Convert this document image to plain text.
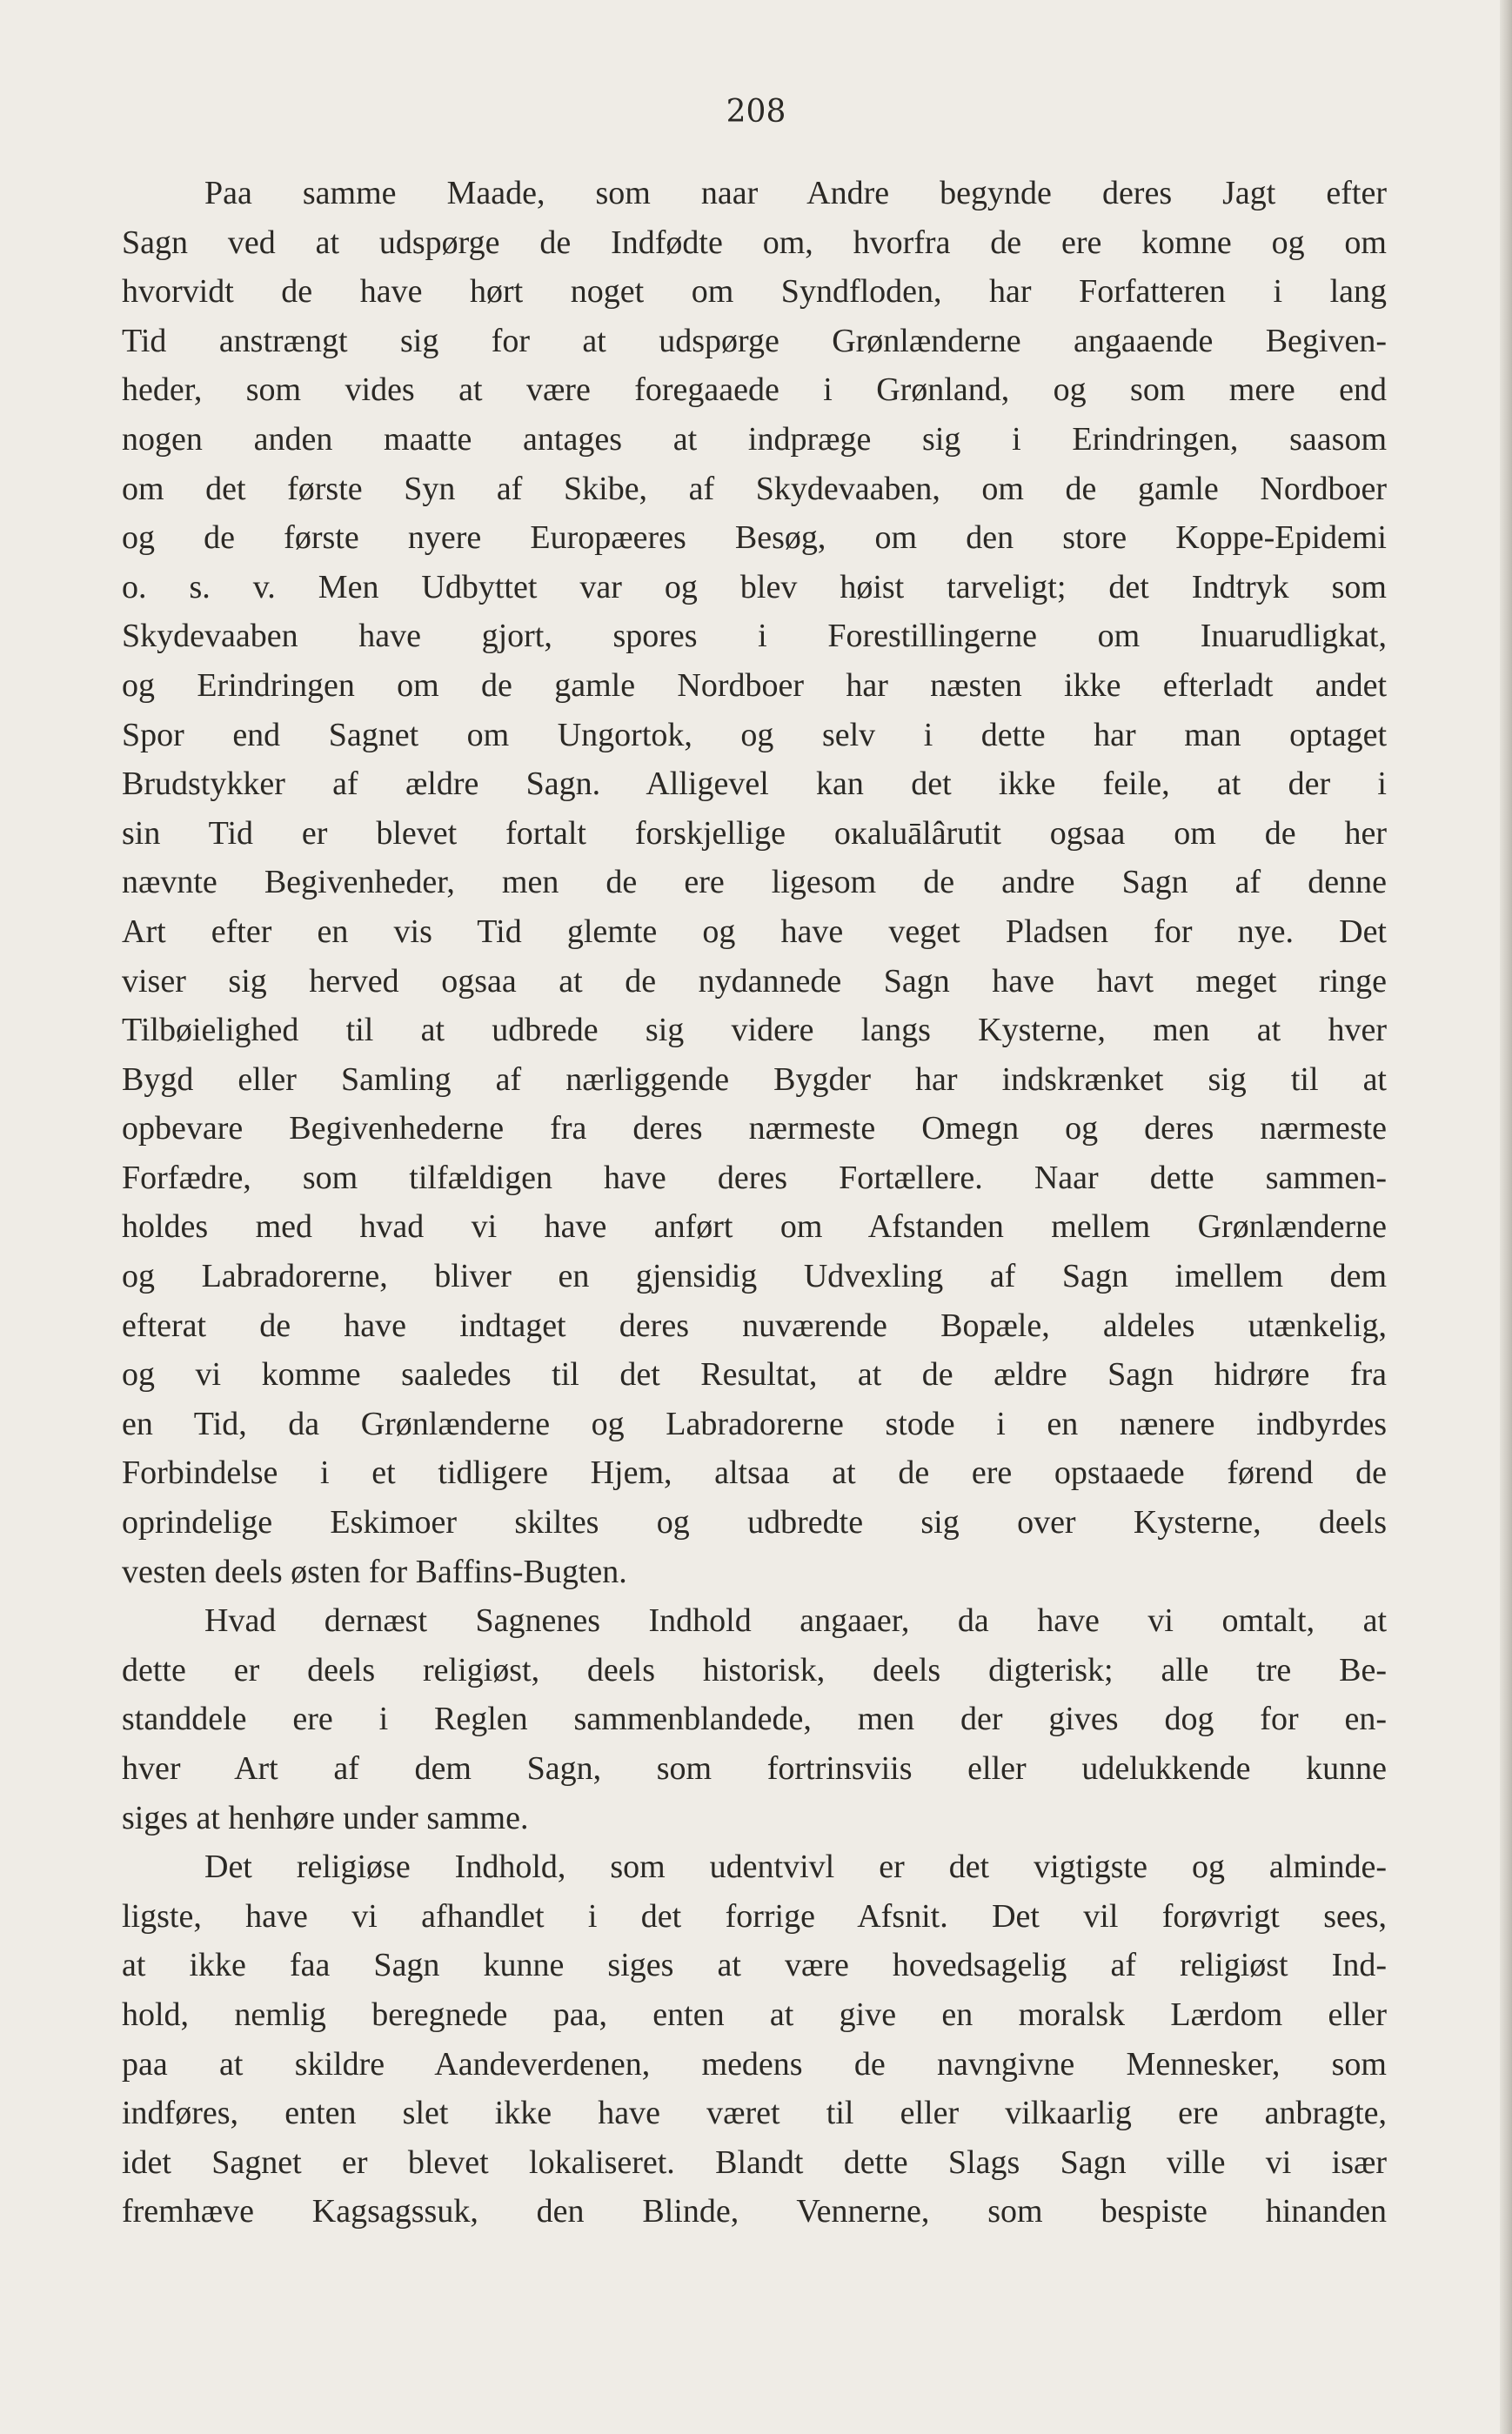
208
Paa samme Maade, som naar Andre begynde deres Jagt efter
Sagn ved at udspørge de Indfødte om, hvorfra de ere komne og om
hvorvidt de have hørt noget om Syndfloden, har Forfatteren i lang
Tid anstrængt sig for at udspørge Grønlænderne angaaende Begiven-
heder, som vides at være foregaaede i Grønland, og som mere end
nogen anden maatte antages at indpræge sig i Erindringen, saasom
om det første Syn af Skibe, af Skydevaaben, om de gamle Nordboer
og de første nyere Europæeres Besøg, om den store Koppe-Epidemi
o. s. v. Men Udbyttet var og blev høist tarveligt; det Indtryk som
Skydevaaben have gjort, spores i Forestillingerne om Inuarudligkat,
og Erindringen om de gamle Nordboer har næsten ikke efterladt andet
Spor end Sagnet om Ungortok, og selv i dette har man optaget
Brudstykker af ældre Sagn. Alligevel kan det ikke feile, at der i
sin Tid er blevet fortalt forskjellige oĸaluālârutit ogsaa om de her
nævnte Begivenheder, men de ere ligesom de andre Sagn af denne
Art efter en vis Tid glemte og have veget Pladsen for nye. Det
viser sig herved ogsaa at de nydannede Sagn have havt meget ringe
Tilbøielighed til at udbrede sig videre langs Kysterne, men at hver
Bygd eller Samling af nærliggende Bygder har indskrænket sig til at
opbevare Begivenhederne fra deres nærmeste Omegn og deres nærmeste
Forfædre, som tilfældigen have deres Fortællere. Naar dette sammen-
holdes med hvad vi have anført om Afstanden mellem Grønlænderne
og Labradorerne, bliver en gjensidig Udvexling af Sagn imellem dem
efterat de have indtaget deres nuværende Bopæle, aldeles utænkelig,
og vi komme saaledes til det Resultat, at de ældre Sagn hidrøre fra
en Tid, da Grønlænderne og Labradorerne stode i en nænere indbyrdes
Forbindelse i et tidligere Hjem, altsaa at de ere opstaaede førend de
oprindelige Eskimoer skiltes og udbredte sig over Kysterne, deels
vesten deels østen for Baffins-Bugten.
Hvad dernæst Sagnenes Indhold angaaer, da have vi omtalt, at
dette er deels religiøst, deels historisk, deels digterisk; alle tre Be-
standdele ere i Reglen sammenblandede, men der gives dog for en-
hver Art af dem Sagn, som fortrinsviis eller udelukkende kunne
siges at henhøre under samme.
Det religiøse Indhold, som udentvivl er det vigtigste og alminde-
ligste, have vi afhandlet i det forrige Afsnit. Det vil forøvrigt sees,
at ikke faa Sagn kunne siges at være hovedsagelig af religiøst Ind-
hold, nemlig beregnede paa, enten at give en moralsk Lærdom eller
paa at skildre Aandeverdenen, medens de navngivne Mennesker, som
indføres, enten slet ikke have været til eller vilkaarlig ere anbragte,
idet Sagnet er blevet lokaliseret. Blandt dette Slags Sagn ville vi især
fremhæve Kagsagssuk, den Blinde, Vennerne, som bespiste hinanden
